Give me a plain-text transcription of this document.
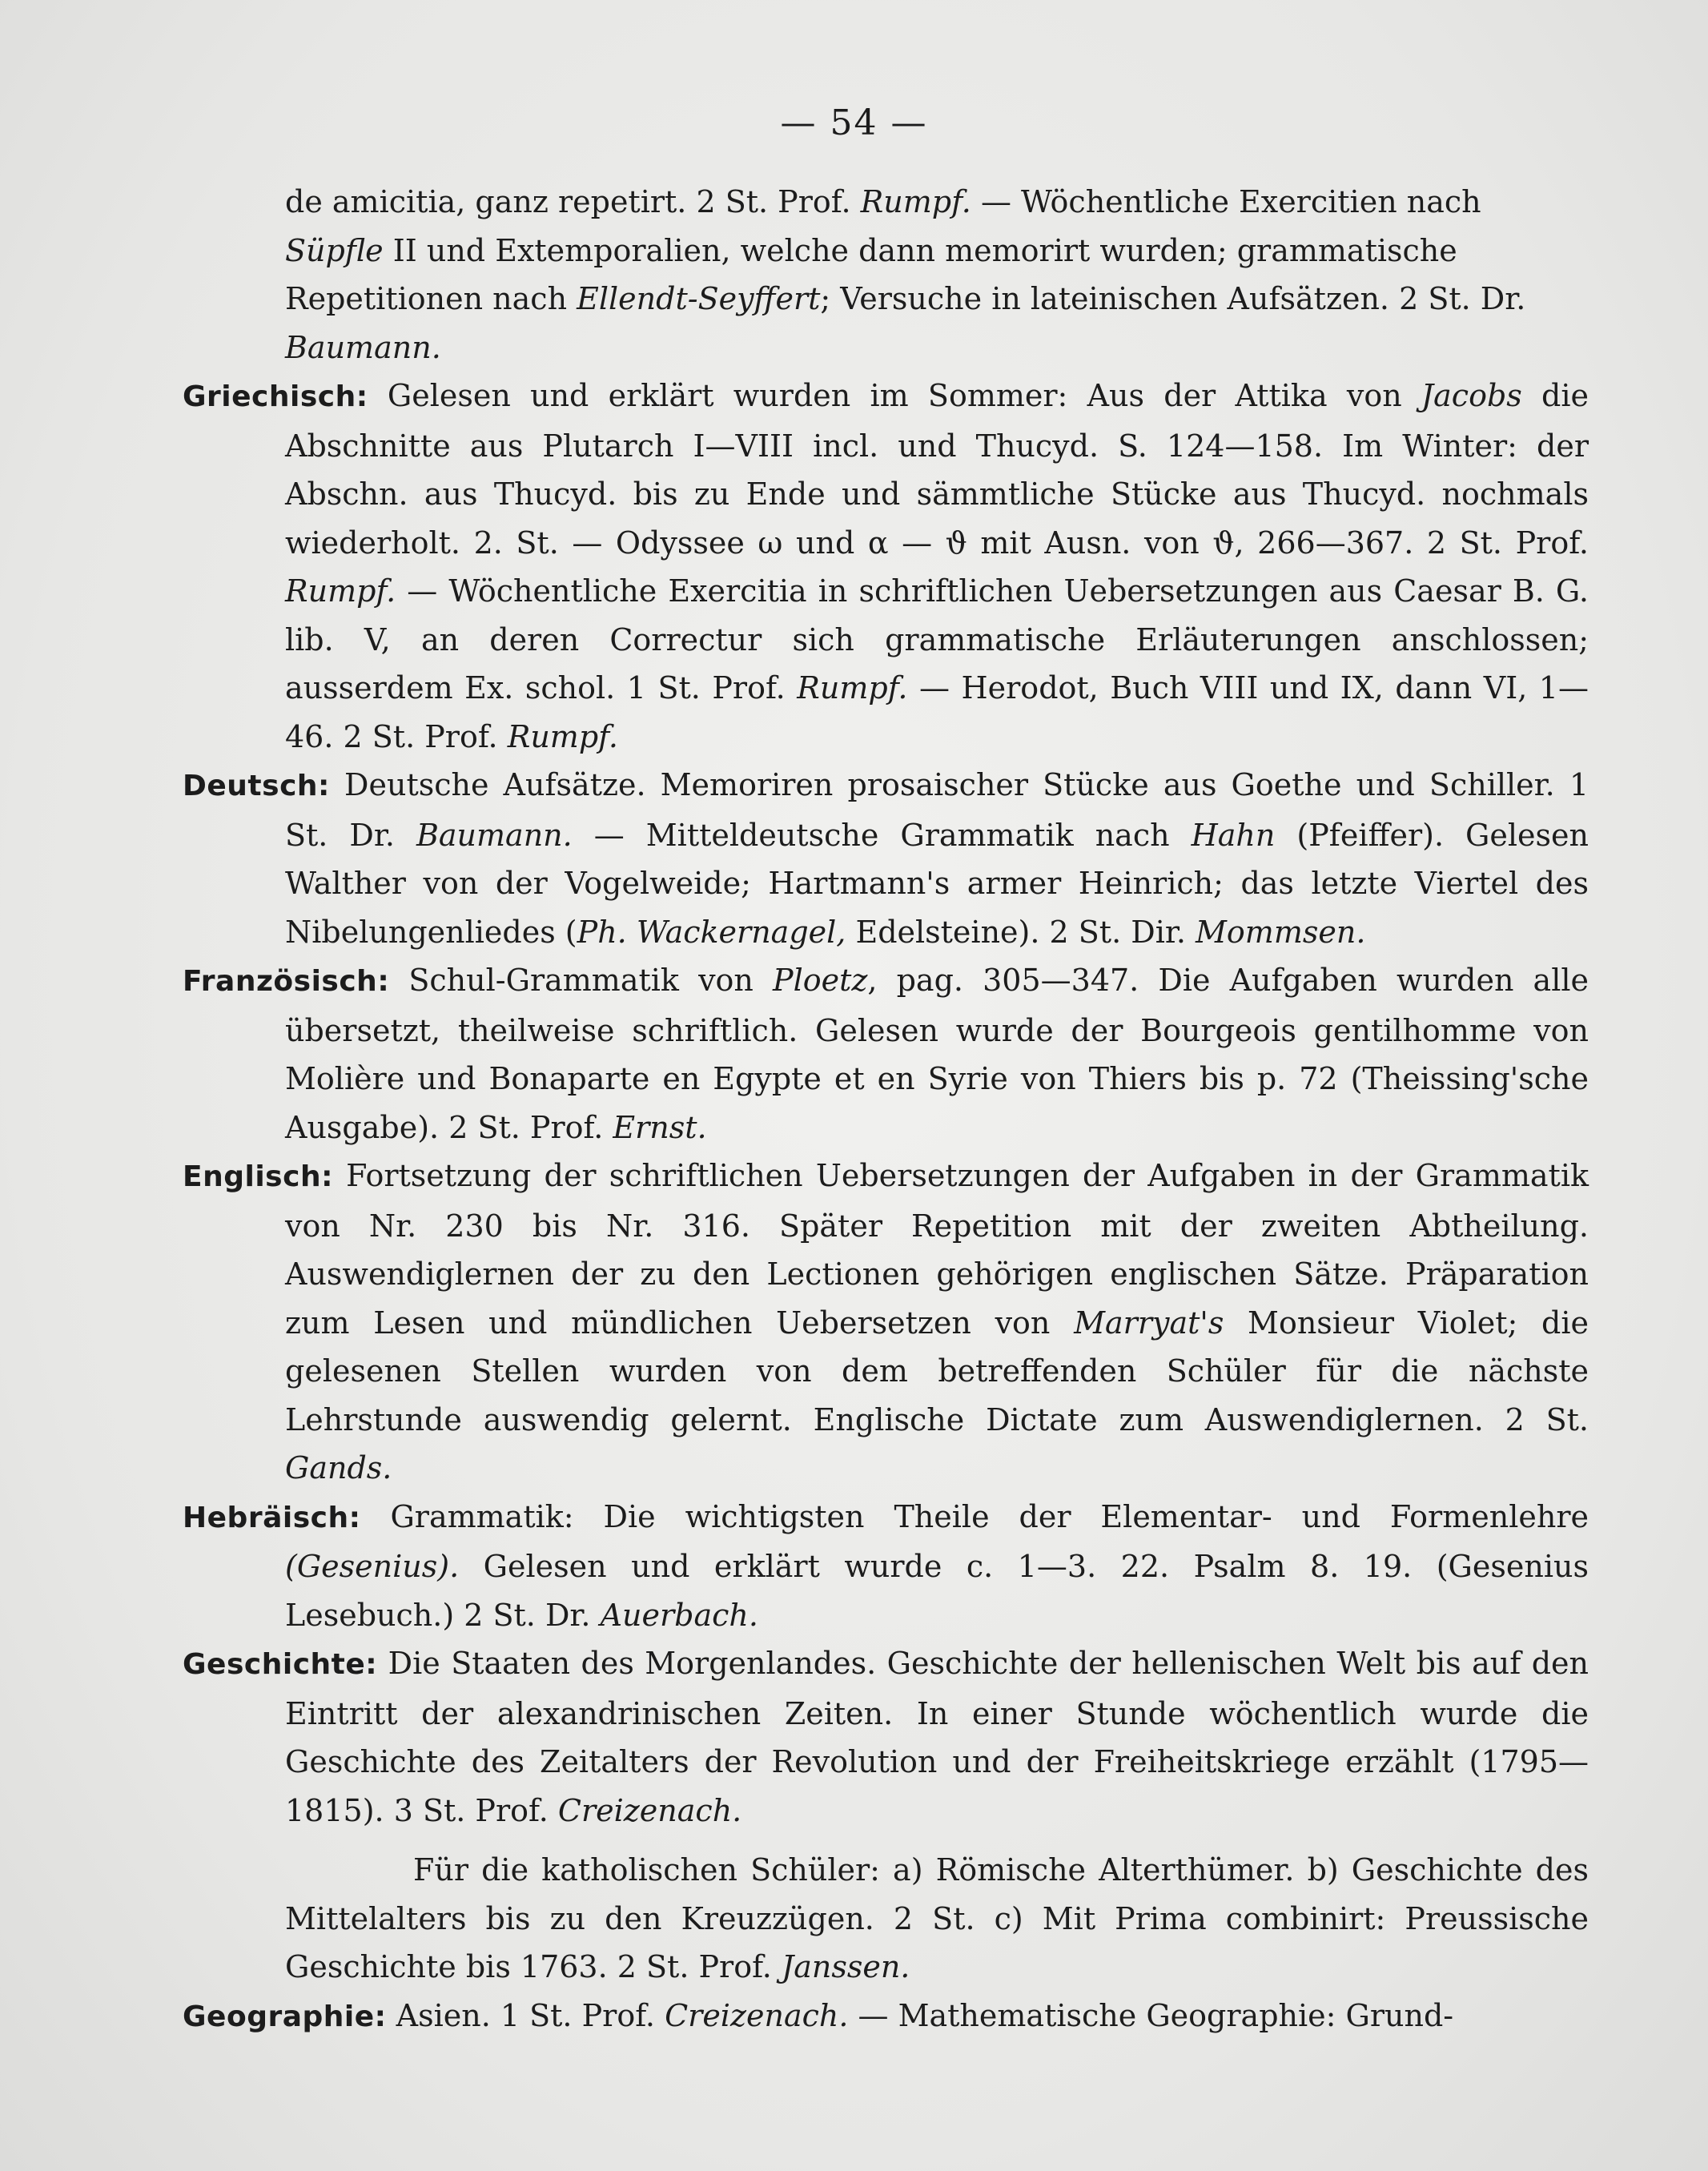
— 54 —
de amicitia, ganz repetirt. 2 St. Prof. Rumpf. — Wöchentliche Exercitien nach Süpfle II und Extemporalien, welche dann memorirt wurden; grammatische Repetitionen nach Ellendt-Seyffert; Versuche in lateinischen Aufsätzen. 2 St. Dr. Baumann.
Griechisch: Gelesen und erklärt wurden im Sommer: Aus der Attika von Jacobs die Abschnitte aus Plutarch I—VIII incl. und Thucyd. S. 124—158. Im Winter: der Abschn. aus Thucyd. bis zu Ende und sämmtliche Stücke aus Thucyd. nochmals wiederholt. 2. St. — Odyssee ω und α — ϑ mit Ausn. von ϑ, 266—367. 2 St. Prof. Rumpf. — Wöchentliche Exercitia in schriftlichen Uebersetzungen aus Caesar B. G. lib. V, an deren Correctur sich grammatische Erläuterungen anschlossen; ausserdem Ex. schol. 1 St. Prof. Rumpf. — Herodot, Buch VIII und IX, dann VI, 1—46. 2 St. Prof. Rumpf.
Deutsch: Deutsche Aufsätze. Memoriren prosaischer Stücke aus Goethe und Schiller. 1 St. Dr. Baumann. — Mitteldeutsche Grammatik nach Hahn (Pfeiffer). Gelesen Walther von der Vogelweide; Hartmann's armer Heinrich; das letzte Viertel des Nibelungenliedes (Ph. Wackernagel, Edelsteine). 2 St. Dir. Mommsen.
Französisch: Schul-Grammatik von Ploetz, pag. 305—347. Die Aufgaben wurden alle übersetzt, theilweise schriftlich. Gelesen wurde der Bourgeois gentilhomme von Molière und Bonaparte en Egypte et en Syrie von Thiers bis p. 72 (Theissing'sche Ausgabe). 2 St. Prof. Ernst.
Englisch: Fortsetzung der schriftlichen Uebersetzungen der Aufgaben in der Grammatik von Nr. 230 bis Nr. 316. Später Repetition mit der zweiten Abtheilung. Auswendiglernen der zu den Lectionen gehörigen englischen Sätze. Präparation zum Lesen und mündlichen Uebersetzen von Marryat's Monsieur Violet; die gelesenen Stellen wurden von dem betreffenden Schüler für die nächste Lehrstunde auswendig gelernt. Englische Dictate zum Auswendiglernen. 2 St. Gands.
Hebräisch: Grammatik: Die wichtigsten Theile der Elementar- und Formenlehre (Gesenius). Gelesen und erklärt wurde c. 1—3. 22. Psalm 8. 19. (Gesenius Lesebuch.) 2 St. Dr. Auerbach.
Geschichte: Die Staaten des Morgenlandes. Geschichte der hellenischen Welt bis auf den Eintritt der alexandrinischen Zeiten. In einer Stunde wöchentlich wurde die Geschichte des Zeitalters der Revolution und der Freiheitskriege erzählt (1795—1815). 3 St. Prof. Creizenach.
Für die katholischen Schüler: a) Römische Alterthümer. b) Geschichte des Mittelalters bis zu den Kreuzzügen. 2 St. c) Mit Prima combinirt: Preussische Geschichte bis 1763. 2 St. Prof. Janssen.
Geographie: Asien. 1 St. Prof. Creizenach. — Mathematische Geographie: Grund-
